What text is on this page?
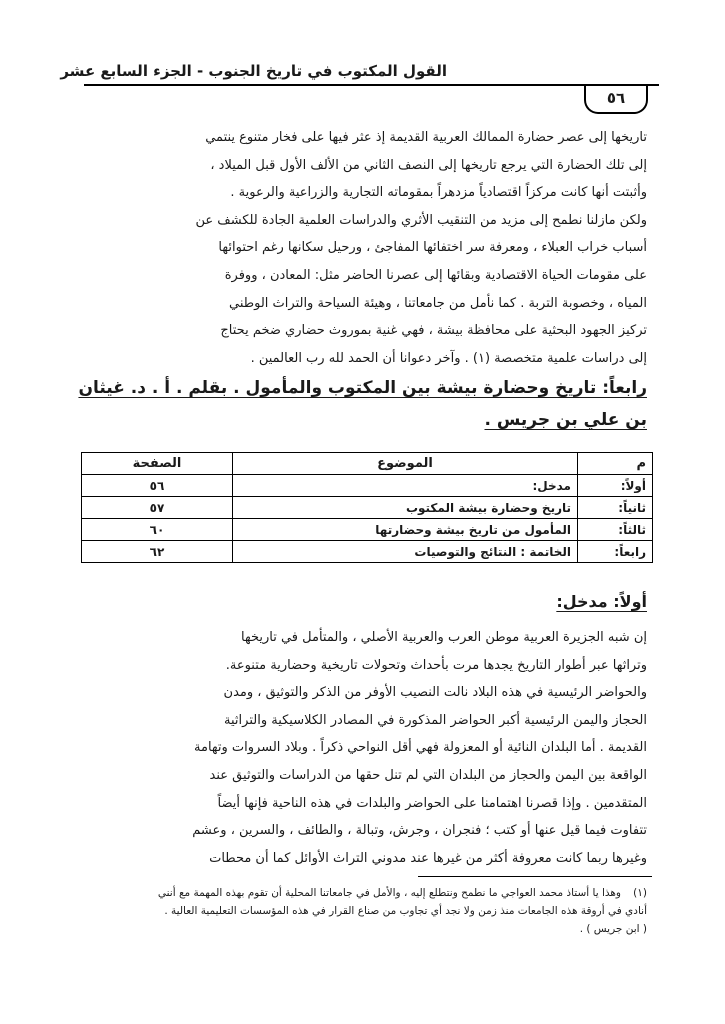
القول المكتوب في تاريخ الجنوب - الجزء السابع عشر
٥٦

تاريخها إلى عصر حضارة الممالك العربية القديمة إذ عثر فيها على فخار متنوع ينتمي

إلى تلك الحضارة التي يرجع تاريخها إلى النصف الثاني من الألف الأول قبل الميلاد ،

وأثبتت أنها كانت مركزاً اقتصادياً مزدهراً بمقوماته التجارية والزراعية والرعوية .

ولكن مازلنا نطمح إلى مزيد من التنقيب الأثري والدراسات العلمية الجادة للكشف عن

أسباب خراب العبلاء ، ومعرفة سر اختفائها المفاجئ ، ورحيل سكانها رغم احتوائها

على مقومات الحياة الاقتصادية وبقائها إلى عصرنا الحاضر مثل: المعادن ، ووفرة

المياه ، وخصوبة التربة . كما نأمل من جامعاتنا ، وهيئة السياحة والتراث الوطني

تركيز الجهود البحثية على محافظة بيشة ، فهي غنية بموروث حضاري ضخم يحتاج

إلى دراسات علمية متخصصة (١) . وآخر دعوانا أن الحمد لله رب العالمين .

رابعاً: تاريخ وحضارة بيشة بين المكتوب والمأمول . بقلم . أ . د. غيثان بن علي بن جريس .
م	الموضوع	الصفحة
أولاً:	مدخل:	٥٦
ثانياً:	تاريخ وحضارة بيشة المكتوب	٥٧
ثالثاً:	المأمول من تاريخ بيشة وحضارتها	٦٠
رابعاً:	الخاتمة : النتائج والتوصيات	٦٢
أولاً: مدخل:

إن شبه الجزيرة العربية موطن العرب والعربية الأصلي ، والمتأمل في تاريخها

وتراثها عبر أطوار التاريخ يجدها مرت بأحداث وتحولات تاريخية وحضارية متنوعة.

والحواضر الرئيسية في هذه البلاد نالت النصيب الأوفر من الذكر والتوثيق ، ومدن

الحجاز واليمن الرئيسية أكبر الحواضر المذكورة في المصادر الكلاسيكية والتراثية

القديمة . أما البلدان النائية أو المعزولة فهي أقل النواحي ذكراً . وبلاد السروات وتهامة

الواقعة بين اليمن والحجاز من البلدان التي لم تنل حقها من الدراسات والتوثيق عند

المتقدمين . وإذا قصرنا اهتمامنا على الحواضر والبلدات في هذه الناحية فإنها أيضاً

تتفاوت فيما قيل عنها أو كتب ؛ فنجران ، وجرش، وتبالة ، والطائف ، والسرين ، وعشم

وغيرها ربما كانت معروفة أكثر من غيرها عند مدوني التراث الأوائل كما أن محطات

(١)وهذا يا أستاذ محمد العواجي ما نطمح ونتطلع إليه ، والأمل في جامعاتنا المحلية أن تقوم بهذه المهمة مع أنني

أنادي في أروقة هذه الجامعات منذ زمن ولا نجد أي تجاوب من صناع القرار في هذه المؤسسات التعليمية العالية .

( ابن جريس ) .
